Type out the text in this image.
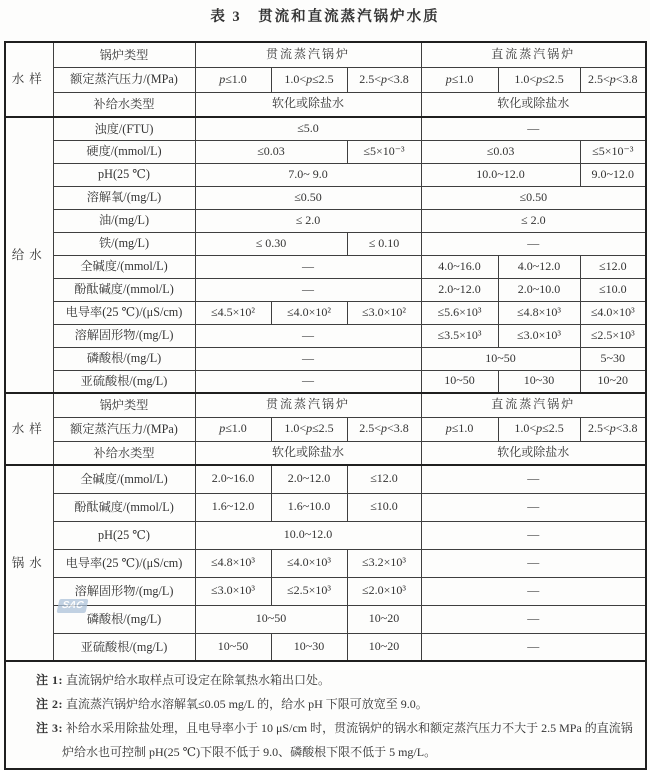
表 3　贯流和直流蒸汽锅炉水质
SAC
水样	锅炉类型	贯流蒸汽锅炉			直流蒸汽锅炉		
	额定蒸汽压力/(MPa)	p≤1.0	1.0<p≤2.5	2.5<p<3.8	p≤1.0	1.0<p≤2.5	2.5<p<3.8
	补给水类型	软化或除盐水			软化或除盐水		
给水	浊度/(FTU)	≤5.0			—		
	硬度/(mmol/L)	≤0.03		≤5×10⁻³	≤0.03		≤5×10⁻³
	pH(25 ℃)	7.0~ 9.0			10.0~12.0		9.0~12.0
	溶解氧/(mg/L)	≤0.50			≤0.50		
	油/(mg/L)	≤ 2.0			≤ 2.0		
	铁/(mg/L)	≤ 0.30		≤ 0.10	—		
	全碱度/(mmol/L)	—			4.0~16.0	4.0~12.0	≤12.0
	酚酞碱度/(mmol/L)	—			2.0~12.0	2.0~10.0	≤10.0
	电导率(25 ℃)/(μS/cm)	≤4.5×10²	≤4.0×10²	≤3.0×10²	≤5.6×10³	≤4.8×10³	≤4.0×10³
	溶解固形物/(mg/L)	—			≤3.5×10³	≤3.0×10³	≤2.5×10³
	磷酸根/(mg/L)	—			10~50		5~30
	亚硫酸根/(mg/L)	—			10~50	10~30	10~20
水样	锅炉类型	贯流蒸汽锅炉			直流蒸汽锅炉		
	额定蒸汽压力/(MPa)	p≤1.0	1.0<p≤2.5	2.5<p<3.8	p≤1.0	1.0<p≤2.5	2.5<p<3.8
	补给水类型	软化或除盐水			软化或除盐水		
锅水	全碱度/(mmol/L)	2.0~16.0	2.0~12.0	≤12.0	—		
	酚酞碱度/(mmol/L)	1.6~12.0	1.6~10.0	≤10.0	—		
	pH(25 ℃)	10.0~12.0			—		
	电导率(25 ℃)/(μS/cm)	≤4.8×10³	≤4.0×10³	≤3.2×10³	—		
	溶解固形物/(mg/L)	≤3.0×10³	≤2.5×10³	≤2.0×10³	—		
	磷酸根/(mg/L)	10~50		10~20	—		
	亚硫酸根/(mg/L)	10~50	10~30	10~20	—		

注 1: 直流锅炉给水取样点可设定在除氧热水箱出口处。
注 2: 直流蒸汽锅炉给水溶解氧≤0.05 mg/L 的，给水 pH 下限可放宽至 9.0。
注 3: 补给水采用除盐处理，且电导率小于 10 μS/cm 时，贯流锅炉的锅水和额定蒸汽压力不大于 2.5 MPa 的直流锅炉给水也可控制 pH(25 ℃)下限不低于 9.0、磷酸根下限不低于 5 mg/L。							
